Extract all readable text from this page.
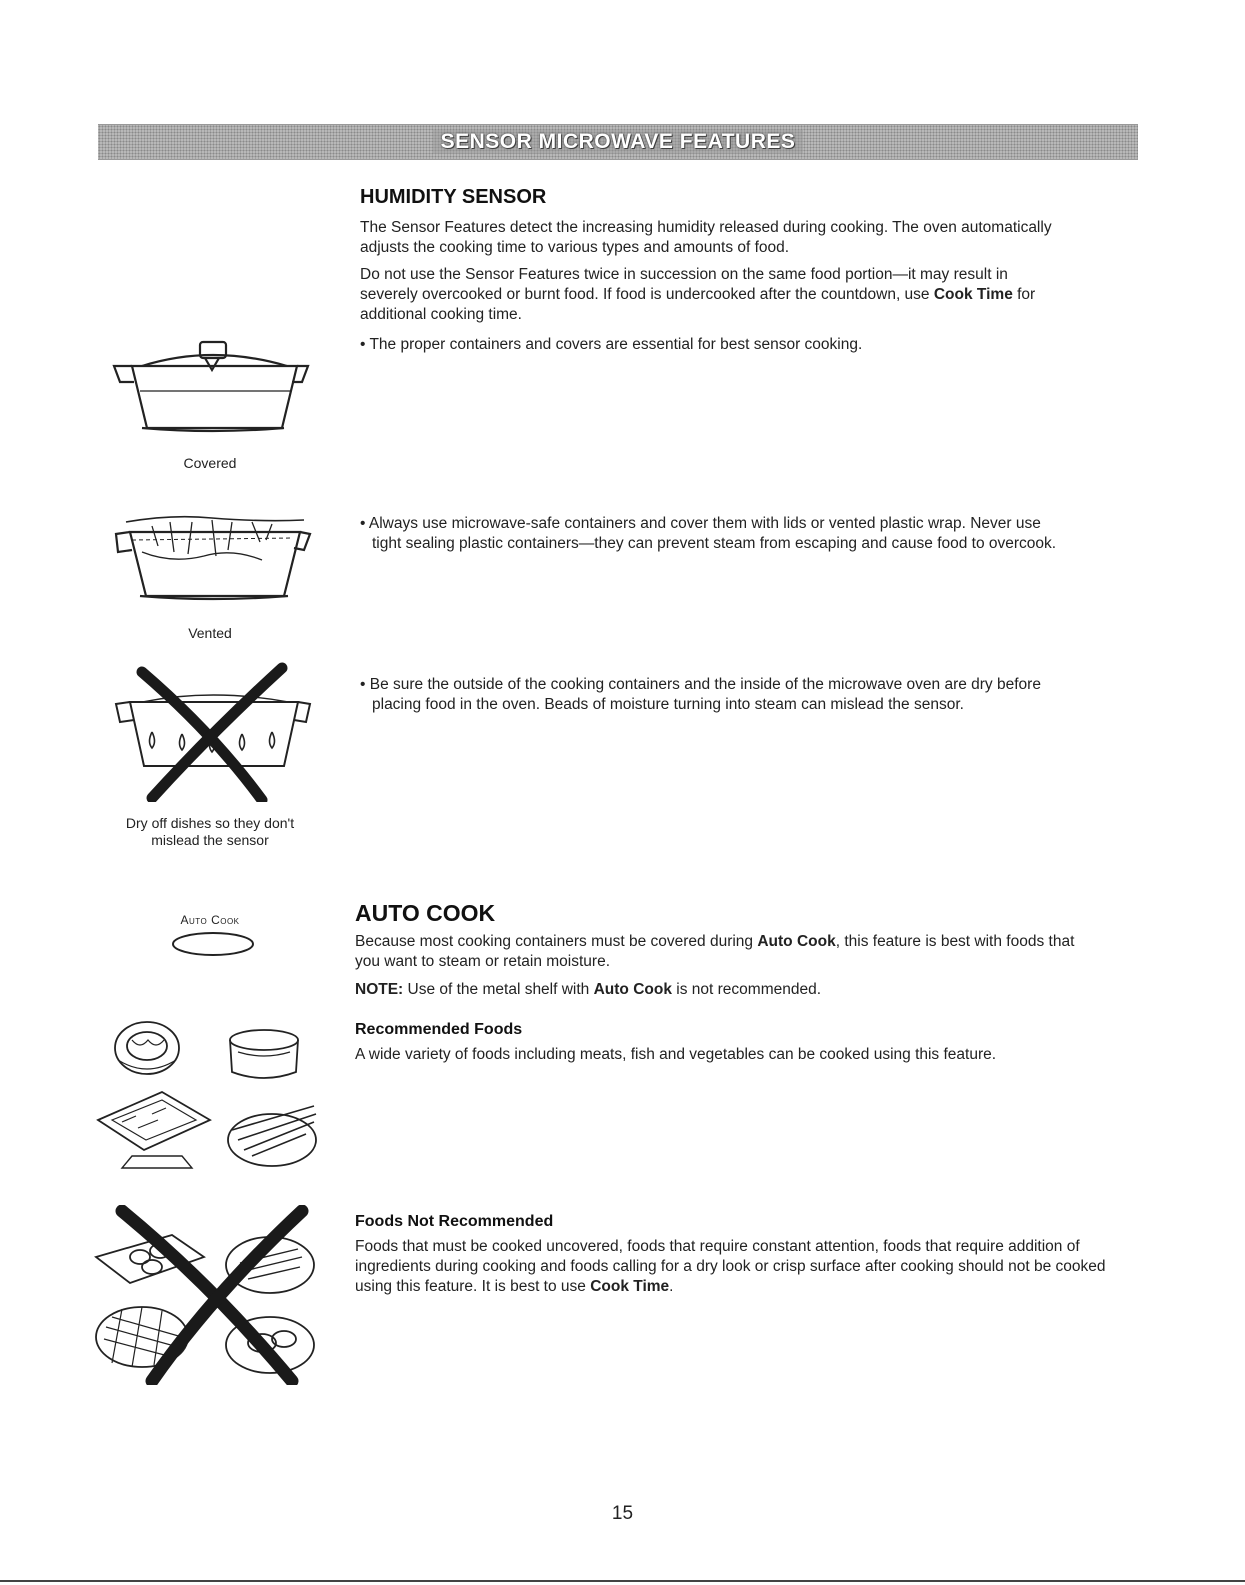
SENSOR MICROWAVE FEATURES
HUMIDITY SENSOR

The Sensor Features detect the increasing humidity released during cooking. The oven automatically adjusts the cooking time to various types and amounts of food.

Do not use the Sensor Features twice in succession on the same food portion—it may result in severely overcooked or burnt food. If food is undercooked after the countdown, use Cook Time for additional cooking time.

• The proper containers and covers are essential for best sensor cooking.

• Always use microwave-safe containers and cover them with lids or vented plastic wrap. Never use tight sealing plastic containers—they can prevent steam from escaping and cause food to overcook.
• Be sure the outside of the cooking containers and the inside of the microwave oven are dry before placing food in the oven. Beads of moisture turning into steam can mislead the sensor.
Covered
Vented
Dry off dishes so they don't
mislead the sensor
AUTO COOK

Because most cooking containers must be covered during Auto Cook, this feature is best with foods that you want to steam or retain moisture.

NOTE: Use of the metal shelf with Auto Cook is not recommended.

Recommended Foods
A wide variety of foods including meats, fish and vegetables can be cooked using this feature.
Foods Not Recommended
Foods that must be cooked uncovered, foods that require constant attention, foods that require addition of ingredients during cooking and foods calling for a dry look or crisp surface after cooking should not be cooked using this feature. It is best to use Cook Time.
Auto Cook
15
